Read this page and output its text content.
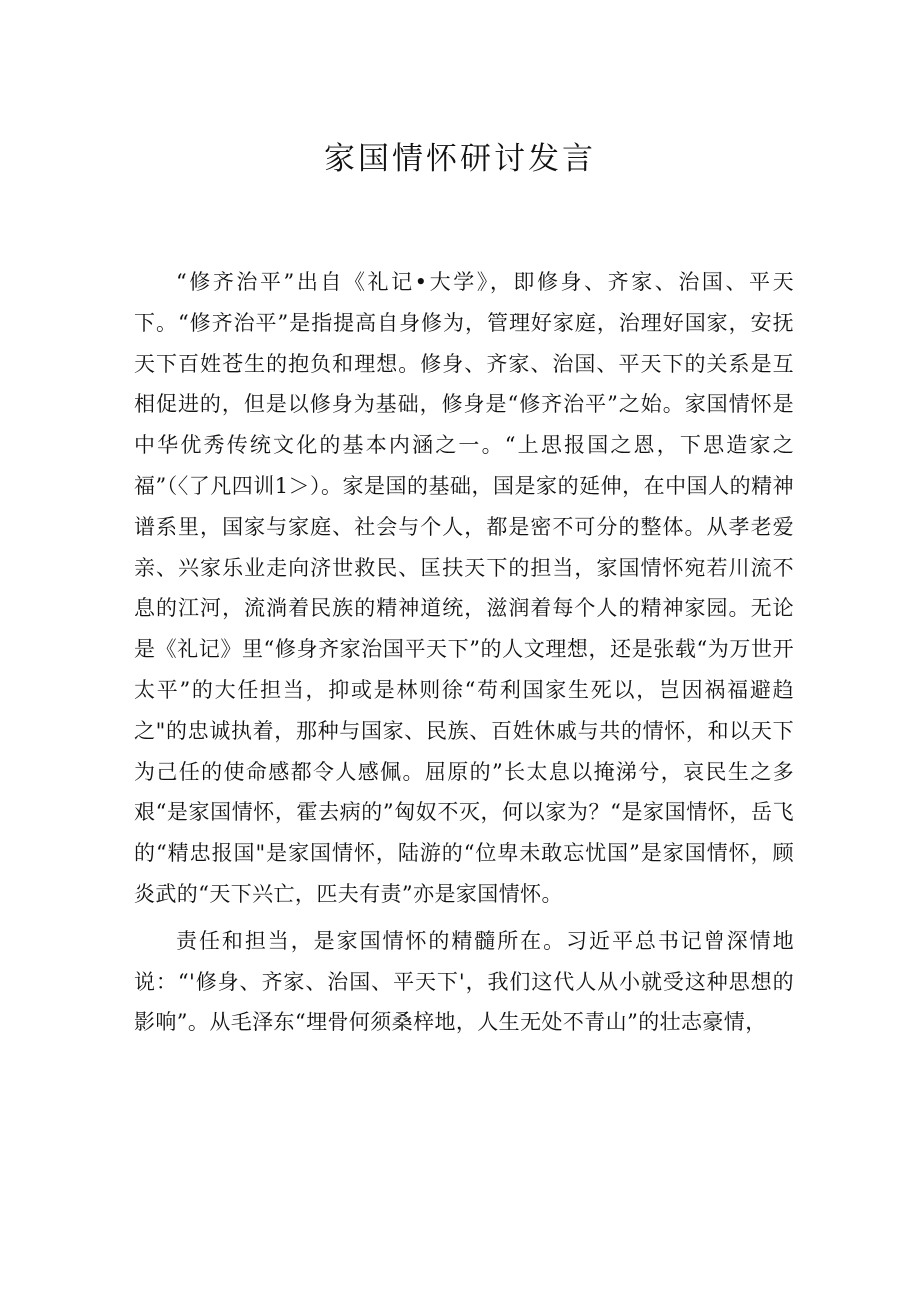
家国情怀研讨发言

“修齐治平”出自《礼记•大学》，即修身、齐家、治国、平天下。“修齐治平”是指提高自身修为，管理好家庭，治理好国家，安抚天下百姓苍生的抱负和理想。修身、齐家、治国、平天下的关系是互相促进的，但是以修身为基础，修身是“修齐治平”之始。家国情怀是中华优秀传统文化的基本内涵之一。“上思报国之恩，下思造家之福”（〈了凡四训1＞）。家是国的基础，国是家的延伸，在中国人的精神谱系里，国家与家庭、社会与个人，都是密不可分的整体。从孝老爱亲、兴家乐业走向济世救民、匡扶天下的担当，家国情怀宛若川流不息的江河，流淌着民族的精神道统，滋润着每个人的精神家园。无论是《礼记》里“修身齐家治国平天下”的人文理想，还是张载“为万世开太平”的大任担当，抑或是林则徐“苟利国家生死以，岂因祸福避趋之"的忠诚执着，那种与国家、民族、百姓休戚与共的情怀，和以天下为己任的使命感都令人感佩。屈原的”长太息以掩涕兮，哀民生之多艰“是家国情怀，霍去病的”匈奴不灭，何以家为？“是家国情怀，岳飞的“精忠报国"是家国情怀，陆游的“位卑未敢忘忧国”是家国情怀，顾炎武的“天下兴亡，匹夫有责”亦是家国情怀。

责任和担当，是家国情怀的精髓所在。习近平总书记曾深情地说：“'修身、齐家、治国、平天下'，我们这代人从小就受这种思想的影响”。从毛泽东“埋骨何须桑梓地，人生无处不青山”的壮志豪情，
